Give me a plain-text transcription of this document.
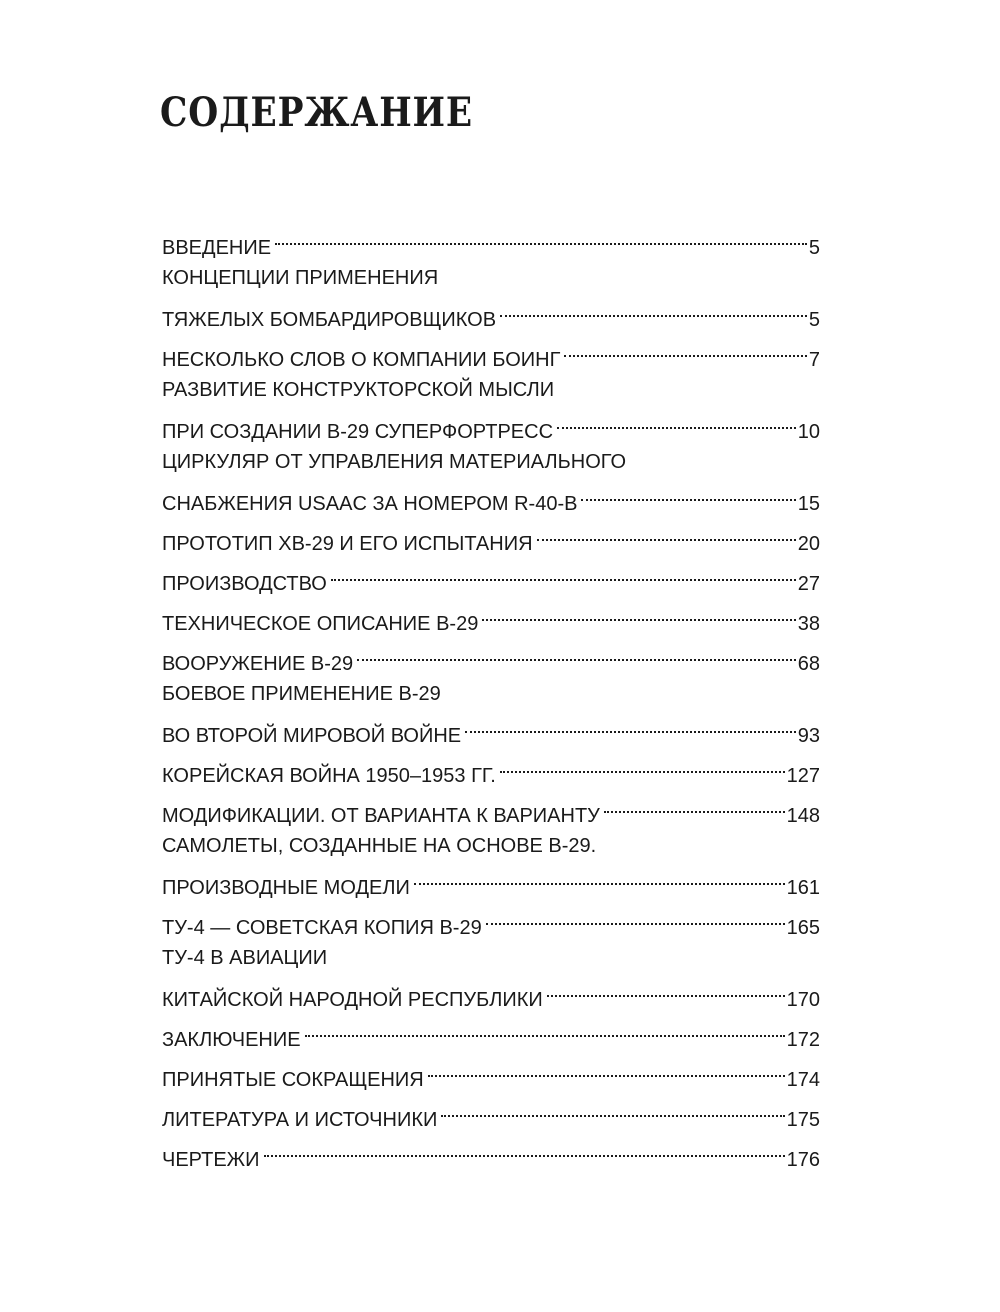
СОДЕРЖАНИЕ
ВВЕДЕНИЕ	5
КОНЦЕПЦИИ ПРИМЕНЕНИЯ
ТЯЖЕЛЫХ БОМБАРДИРОВЩИКОВ	5
НЕСКОЛЬКО СЛОВ О КОМПАНИИ БОИНГ	7
РАЗВИТИЕ КОНСТРУКТОРСКОЙ МЫСЛИ
ПРИ СОЗДАНИИ B-29 СУПЕРФОРТРЕСС	10
ЦИРКУЛЯР ОТ УПРАВЛЕНИЯ МАТЕРИАЛЬНОГО
СНАБЖЕНИЯ USAAC ЗА НОМЕРОМ R-40-B	15
ПРОТОТИП XB-29 И ЕГО ИСПЫТАНИЯ	20
ПРОИЗВОДСТВО	27
ТЕХНИЧЕСКОЕ ОПИСАНИЕ B-29	38
ВООРУЖЕНИЕ B-29	68
БОЕВОЕ ПРИМЕНЕНИЕ B-29
ВО ВТОРОЙ МИРОВОЙ ВОЙНЕ	93
КОРЕЙСКАЯ ВОЙНА 1950–1953 ГГ.	127
МОДИФИКАЦИИ. ОТ ВАРИАНТА К ВАРИАНТУ	148
САМОЛЕТЫ, СОЗДАННЫЕ НА ОСНОВЕ B-29.
ПРОИЗВОДНЫЕ МОДЕЛИ	161
ТУ-4 — СОВЕТСКАЯ КОПИЯ B-29	165
ТУ-4 В АВИАЦИИ
КИТАЙСКОЙ НАРОДНОЙ РЕСПУБЛИКИ	170
ЗАКЛЮЧЕНИЕ	172
ПРИНЯТЫЕ СОКРАЩЕНИЯ	174
ЛИТЕРАТУРА И ИСТОЧНИКИ	175
ЧЕРТЕЖИ	176
